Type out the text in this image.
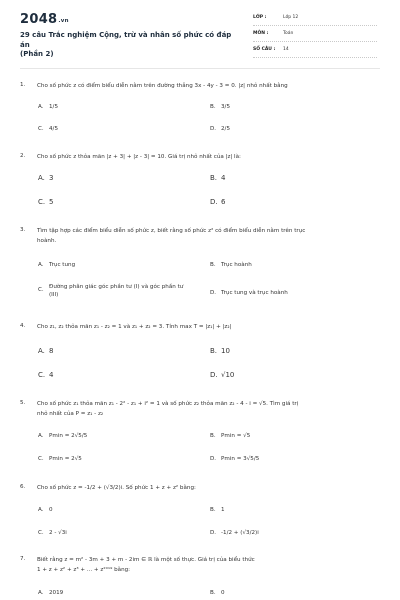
2048.vn
29 câu Trắc nghiệm Cộng, trừ và nhân số phức có đáp án
(Phần 2)
LỚP :	Lớp 12
MÔN :	Toán
SỐ CÂU : 14
1.	Cho số phức z có điểm biểu diễn nằm trên đường thẳng 3x - 4y - 3 = 0. |z| nhỏ nhất bằng
A. 1/5	B. 3/5
C. 4/5	D. 2/5
2.	Cho số phức z thỏa mãn |z + 3| + |z - 3| = 10. Giá trị nhỏ nhất của |z| là:
A. 3	B. 4
C. 5	D. 6
3.	Tìm tập hợp các điểm biểu diễn số phức z, biết rằng số phức z² có điểm biểu diễn nằm trên trục
hoành.
A. Trục tung	B. Trục hoành
C. Đường phân giác góc phần tư (I) và góc phần tư (III)	D. Trục tung và trục hoành
4.	Cho z₁, z₂ thỏa mãn z₁ - z₂ = 1 và z₁ + z₂ = 3. Tính max T = |z₁| + |z₂|
A. 8	B. 10
C. 4	D. √10
5.	Cho số phức z₁ thỏa mãn z₁ - 2² - z₁ + i² = 1 và số phức z₂ thỏa mãn z₂ - 4 - i = √5. Tìm giá trị
nhỏ nhất của P = z₁ - z₂
A. Pmin = 2√5/5	B. Pmin = √5
C. Pmin = 2√5	D. Pmin = 3√5/5
6.	Cho số phức z = -1/2 + (√3/2)i. Số phức 1 + z + z² bằng:
A. 0	B. 1
C. 2 - √3i	D. -1/2 + (√3/2)i
7.	Biết rằng z = m² - 3m + 3 + m - 2im ∈ ℝ là một số thực. Giá trị của biểu thức
1 + z + z² + z³ + ... + z²⁰¹⁹ bằng:
A. 2019	B. 0
